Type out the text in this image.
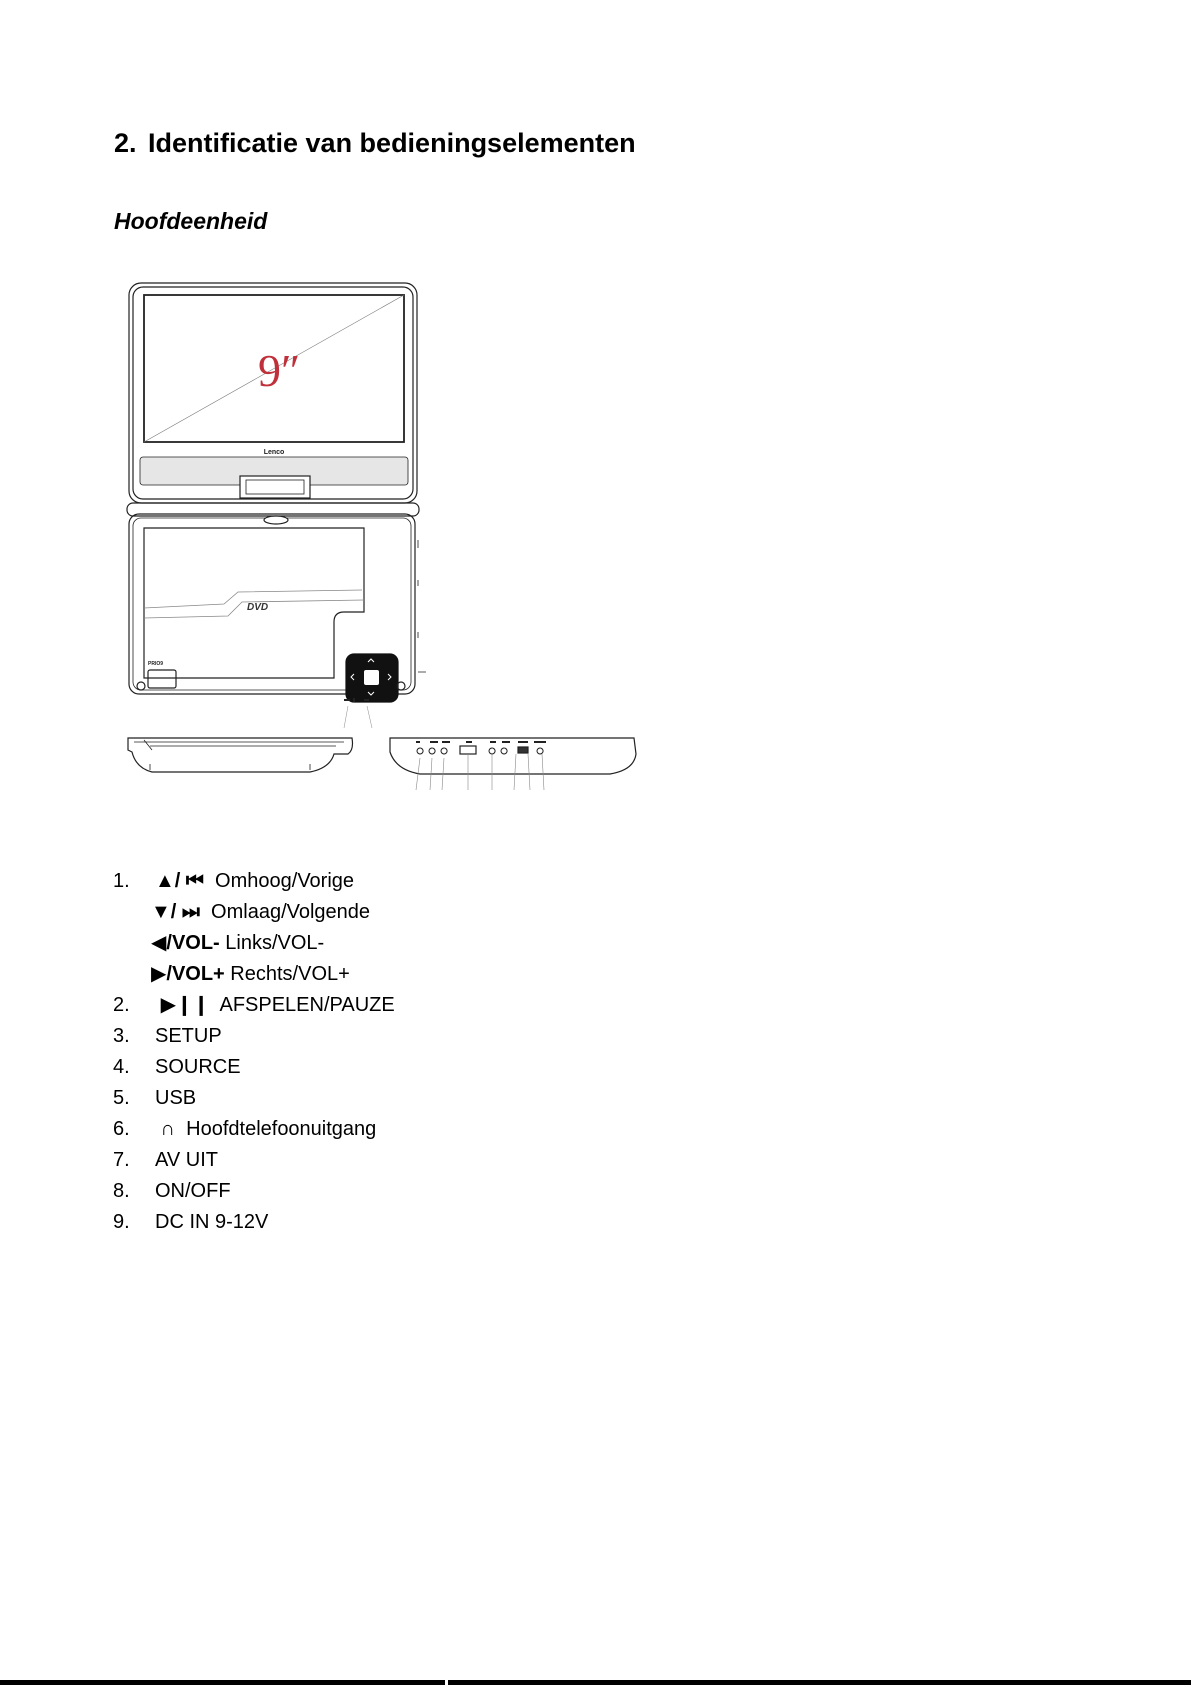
2. Identificatie van bedieningselementen
Hoofdeenheid
9″
Lenco
DVD
PRIO9
1. ▲/ ⏮ Omhoog/Vorige
▼/ ⏭ Omlaag/Volgende
◀/VOL- Links/VOL-
▶/VOL+ Rechts/VOL+
2. ▶❙❙ AFSPELEN/PAUZE
3. SETUP
4. SOURCE
5. USB
6. ∩ Hoofdtelefoonuitgang
7. AV UIT
8. ON/OFF
9. DC IN 9-12V
